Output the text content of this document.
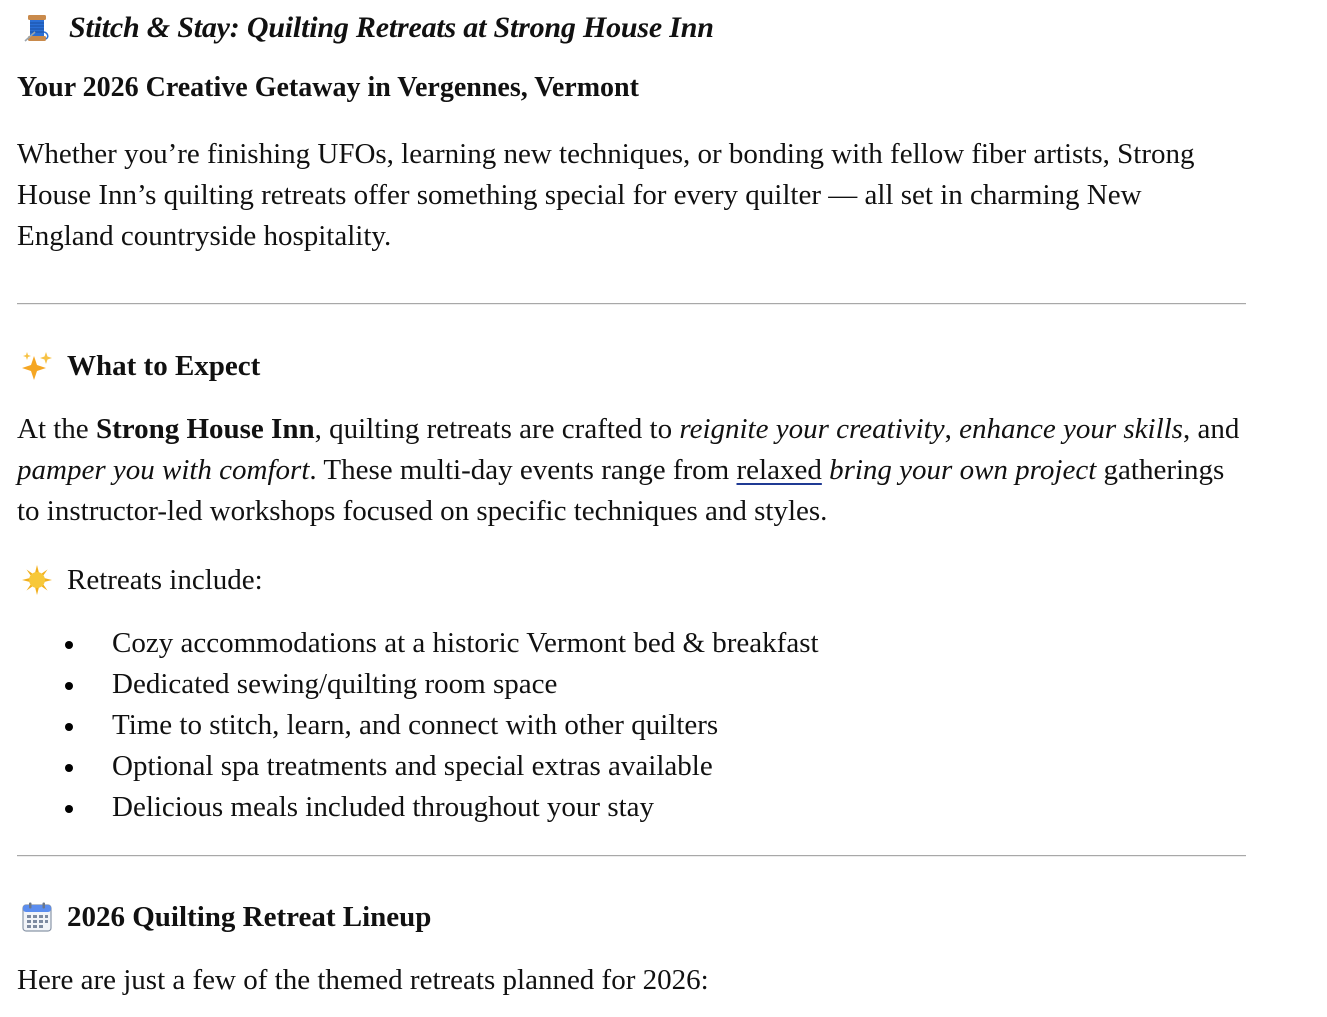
Stitch & Stay: Quilting Retreats at Strong House Inn
Your 2026 Creative Getaway in Vergennes, Vermont
Whether you’re finishing UFOs, learning new techniques, or bonding with fellow fiber artists, Strong House Inn’s quilting retreats offer something special for every quilter — all set in charming New England countryside hospitality.
What to Expect
At the Strong House Inn, quilting retreats are crafted to reignite your creativity, enhance your skills, and pamper you with comfort. These multi-day events range from relaxed bring your own project gatherings to instructor-led workshops focused on specific techniques and styles.
Retreats include:
Cozy accommodations at a historic Vermont bed & breakfast
Dedicated sewing/quilting room space
Time to stitch, learn, and connect with other quilters
Optional spa treatments and special extras available
Delicious meals included throughout your stay
2026 Quilting Retreat Lineup
Here are just a few of the themed retreats planned for 2026:
